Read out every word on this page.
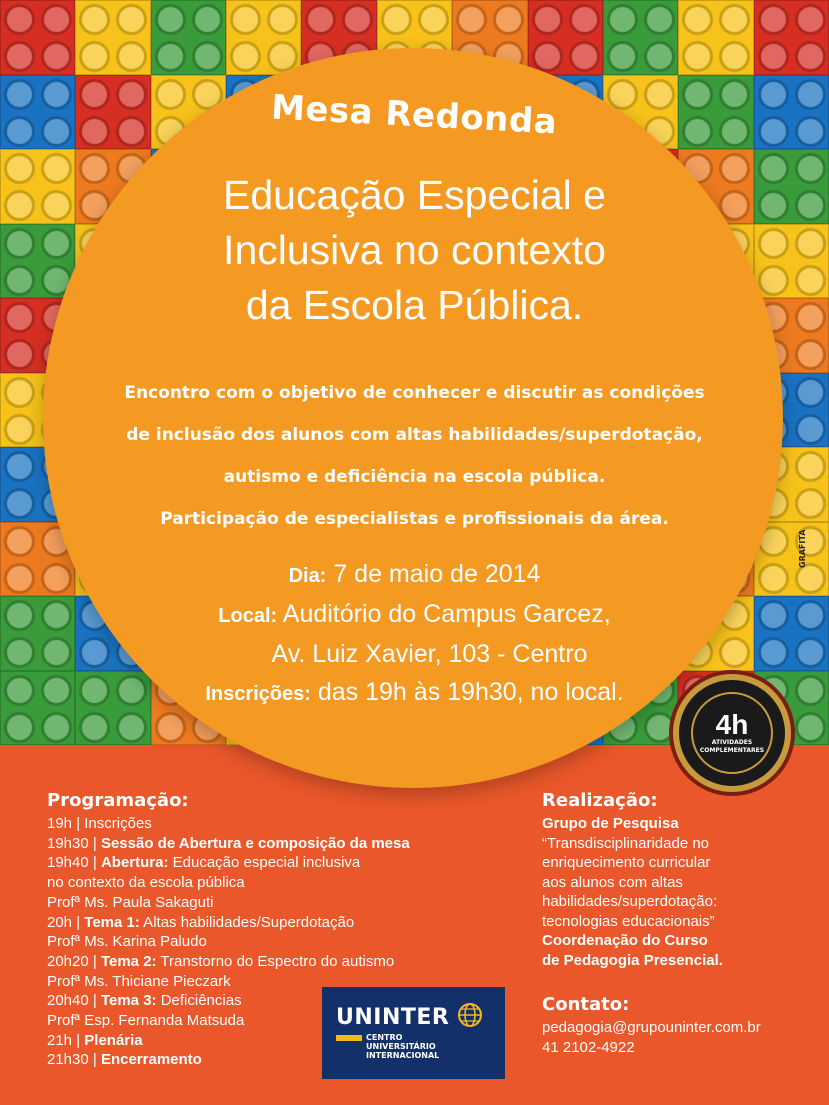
Mesa Redonda
Educação Especial e
Inclusiva no contexto
da Escola Pública.
Encontro com o objetivo de conhecer e discutir as condições
de inclusão dos alunos com altas habilidades/superdotação,
autismo e deficiência na escola pública.
Participação de especialistas e profissionais da área.
Dia: 7 de maio de 2014
Local: Auditório do Campus Garcez,
Av. Luiz Xavier, 103 - Centro
Inscrições: das 19h às 19h30, no local.
4h
ATIVIDADES
COMPLEMENTARES
GRAFITA
Programação:
19h | Inscrições
19h30 | Sessão de Abertura e composição da mesa
19h40 | Abertura: Educação especial inclusiva
no contexto da escola pública
Profª Ms. Paula Sakaguti
20h | Tema 1: Altas habilidades/Superdotação
Profª Ms. Karina Paludo
20h20 | Tema 2: Transtorno do Espectro do autismo
Profª Ms. Thiciane Pieczark
20h40 | Tema 3: Deficiências
Profª Esp. Fernanda Matsuda
21h | Plenária
21h30 | Encerramento
Realização:
Grupo de Pesquisa
“Transdisciplinaridade no
enriquecimento curricular
aos alunos com altas
habilidades/superdotação:
tecnologias educacionais”
Coordenação do Curso
de Pedagogia Presencial.
Contato:
pedagogia@grupouninter.com.br
41 2102-4922
UNINTER
CENTRO
UNIVERSITÁRIO
INTERNACIONAL
